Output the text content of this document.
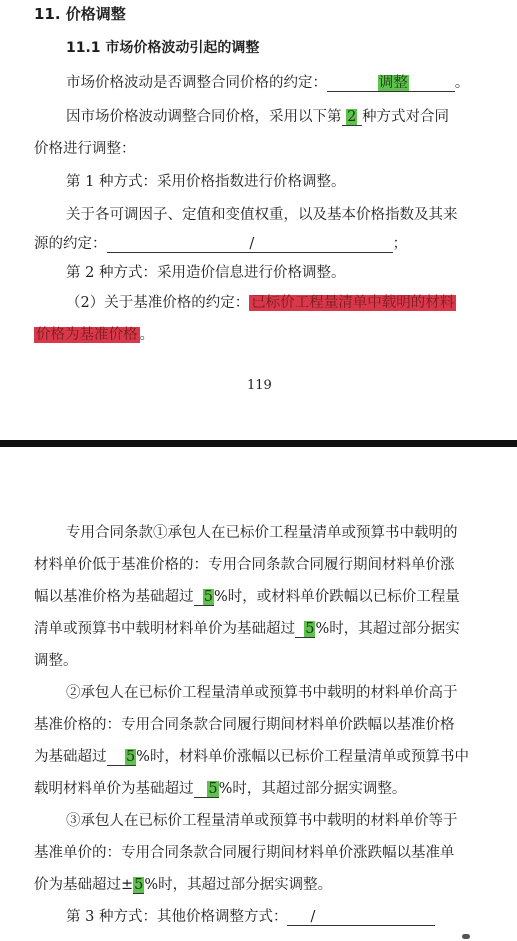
11. 价格调整
11.1 市场价格波动引起的调整
市场价格波动是否调整合同价格的约定：​           调整	。
因市场价格波动调整合同价格，采用以下第 2 种方式对合同
价格进行调整：
第 1 种方式：采用价格指数进行价格调整。
关于各可调因子、定值和变值权重，以及基本价格指数及其来
源的约定：	/	；
第 2 种方式：采用造价信息进行价格调整。
（2）关于基准价格的约定： 已标价工程量清单中载明的材料
价格为基准价格 。
119
专用合同条款①承包人在已标价工程量清单或预算书中载明的
材料单价低于基准价格的：专用合同条款合同履行期间材料单价涨
幅以基准价格为基础超过 5%时，或材料单价跌幅以已标价工程量
清单或预算书中载明材料单价为基础超过 5%时，其超过部分据实
调整。
②承包人在已标价工程量清单或预算书中载明的材料单价高于
基准价格的：专用合同条款合同履行期间材料单价跌幅以基准价格
为基础超过 5%时，材料单价涨幅以已标价工程量清单或预算书中
载明材料单价为基础超过 5%时，其超过部分据实调整。
③承包人在已标价工程量清单或预算书中载明的材料单价等于
基准单价的：专用合同条款合同履行期间材料单价涨跌幅以基准单
价为基础超过±5%时，其超过部分据实调整。
第 3 种方式：其他价格调整方式： /
